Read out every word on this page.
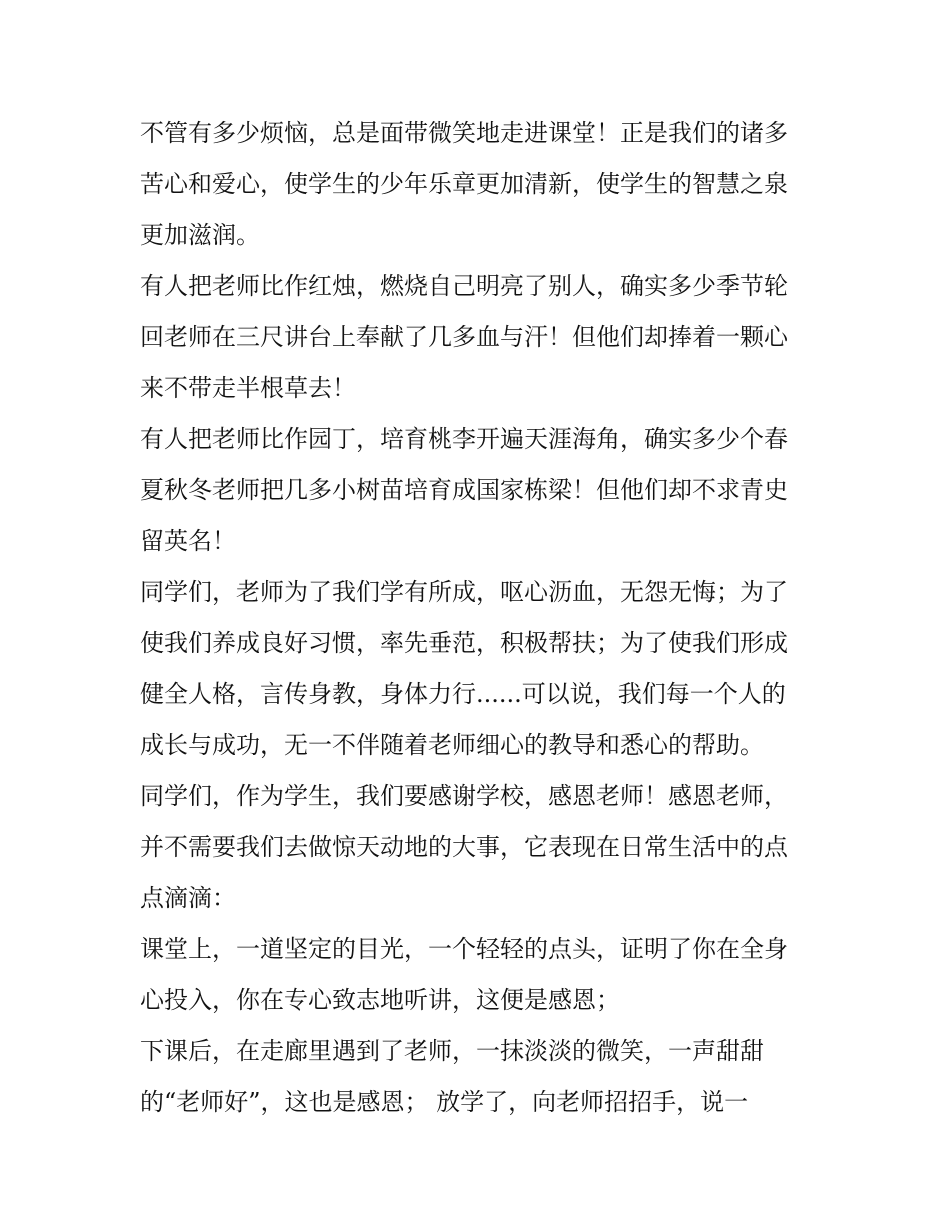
不管有多少烦恼，总是面带微笑地走进课堂！正是我们的诸多
苦心和爱心，使学生的少年乐章更加清新，使学生的智慧之泉
更加滋润。
有人把老师比作红烛，燃烧自己明亮了别人，确实多少季节轮
回老师在三尺讲台上奉献了几多血与汗！但他们却捧着一颗心
来不带走半根草去！
有人把老师比作园丁，培育桃李开遍天涯海角，确实多少个春
夏秋冬老师把几多小树苗培育成国家栋梁！但他们却不求青史
留英名！
同学们，老师为了我们学有所成，呕心沥血，无怨无悔；为了
使我们养成良好习惯，率先垂范，积极帮扶；为了使我们形成
健全人格，言传身教，身体力行......可以说，我们每一个人的
成长与成功，无一不伴随着老师细心的教导和悉心的帮助。
同学们，作为学生，我们要感谢学校，感恩老师！感恩老师，
并不需要我们去做惊天动地的大事，它表现在日常生活中的点
点滴滴：
课堂上，一道坚定的目光，一个轻轻的点头，证明了你在全身
心投入，你在专心致志地听讲，这便是感恩；
下课后，在走廊里遇到了老师，一抹淡淡的微笑，一声甜甜
的“老师好”，这也是感恩； 放学了，向老师招招手，说一
